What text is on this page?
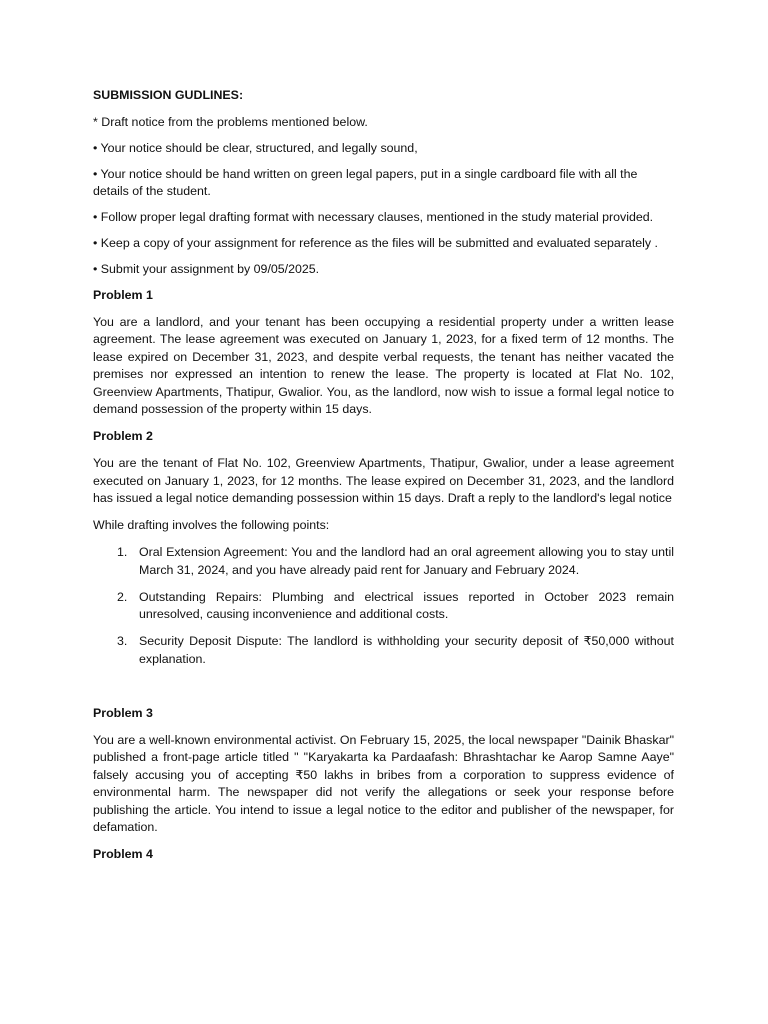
SUBMISSION GUDLINES:

* Draft notice from the problems mentioned below.

• Your notice should be clear, structured, and legally sound,

• Your notice should be hand written on green legal papers, put in a single cardboard file with all the details of the student.

• Follow proper legal drafting format with necessary clauses, mentioned in the study material provided.

• Keep a copy of your assignment for reference as the files will be submitted and evaluated separately .

• Submit your assignment by 09/05/2025.

Problem 1

You are a landlord, and your tenant has been occupying a residential property under a written lease agreement. The lease agreement was executed on January 1, 2023, for a fixed term of 12 months. The lease expired on December 31, 2023, and despite verbal requests, the tenant has neither vacated the premises nor expressed an intention to renew the lease. The property is located at Flat No. 102, Greenview Apartments, Thatipur, Gwalior. You, as the landlord, now wish to issue a formal legal notice to demand possession of the property within 15 days.

Problem 2

You are the tenant of Flat No. 102, Greenview Apartments, Thatipur, Gwalior, under a lease agreement executed on January 1, 2023, for 12 months. The lease expired on December 31, 2023, and the landlord has issued a legal notice demanding possession within 15 days. Draft a reply to the landlord's legal notice

While drafting involves the following points:

1. Oral Extension Agreement: You and the landlord had an oral agreement allowing you to stay until March 31, 2024, and you have already paid rent for January and February 2024.
2. Outstanding Repairs: Plumbing and electrical issues reported in October 2023 remain unresolved, causing inconvenience and additional costs.
3. Security Deposit Dispute: The landlord is withholding your security deposit of ₹50,000 without explanation.

Problem 3

You are a well-known environmental activist. On February 15, 2025, the local newspaper "Dainik Bhaskar" published a front-page article titled " "Karyakarta ka Pardaafash: Bhrashtachar ke Aarop Samne Aaye" falsely accusing you of accepting ₹50 lakhs in bribes from a corporation to suppress evidence of environmental harm. The newspaper did not verify the allegations or seek your response before publishing the article. You intend to issue a legal notice to the editor and publisher of the newspaper, for defamation.

Problem 4
